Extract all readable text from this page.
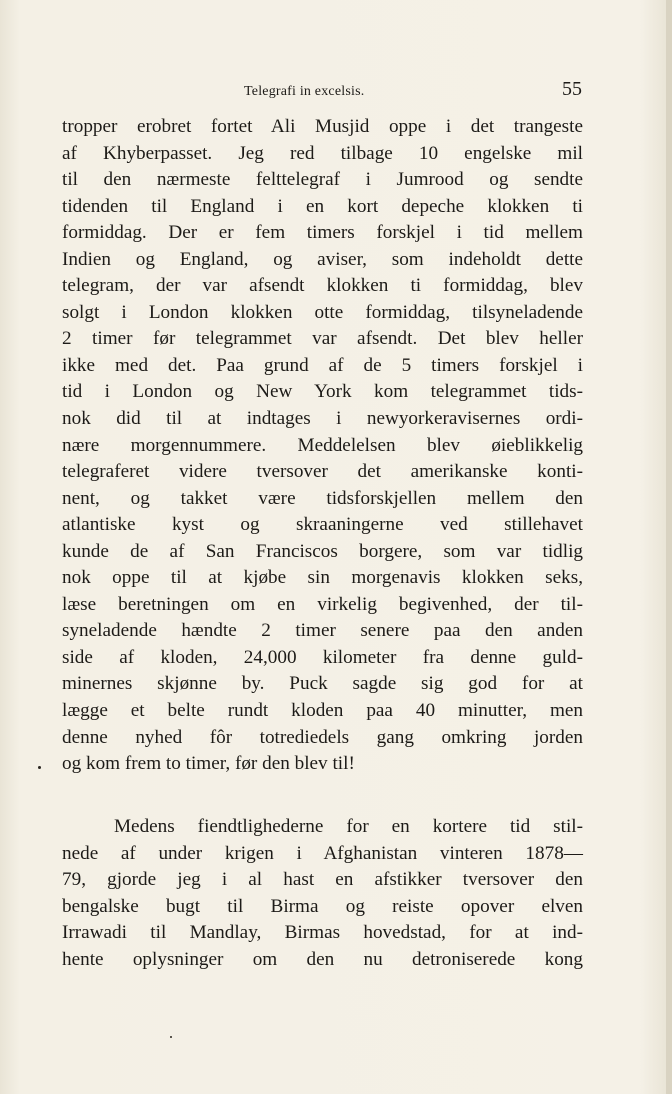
Telegrafi in excelsis.	55
tropper erobret fortet Ali Musjid oppe i det trangeste
af Khyberpasset. Jeg red tilbage 10 engelske mil
til den nærmeste felttelegraf i Jumrood og sendte
tidenden til England i en kort depeche klokken ti
formiddag. Der er fem timers forskjel i tid mellem
Indien og England, og aviser, som indeholdt dette
telegram, der var afsendt klokken ti formiddag, blev
solgt i London klokken otte formiddag, tilsyneladende
2 timer før telegrammet var afsendt. Det blev heller
ikke med det. Paa grund af de 5 timers forskjel i
tid i London og New York kom telegrammet tids-
nok did til at indtages i newyorkeravisernes ordi-
nære morgennummere. Meddelelsen blev øieblikkelig
telegraferet videre tversover det amerikanske konti-
nent, og takket være tidsforskjellen mellem den
atlantiske kyst og skraaningerne ved stillehavet
kunde de af San Franciscos borgere, som var tidlig
nok oppe til at kjøbe sin morgenavis klokken seks,
læse beretningen om en virkelig begivenhed, der til-
syneladende hændte 2 timer senere paa den anden
side af kloden, 24,000 kilometer fra denne guld-
minernes skjønne by. Puck sagde sig god for at
lægge et belte rundt kloden paa 40 minutter, men
denne nyhed fôr totrediedels gang omkring jorden
og kom frem to timer, før den blev til!
Medens fiendtlighederne for en kortere tid stil-
nede af under krigen i Afghanistan vinteren 1878—
79, gjorde jeg i al hast en afstikker tversover den
bengalske bugt til Birma og reiste opover elven
Irrawadi til Mandlay, Birmas hovedstad, for at ind-
hente oplysninger om den nu detroniserede kong
